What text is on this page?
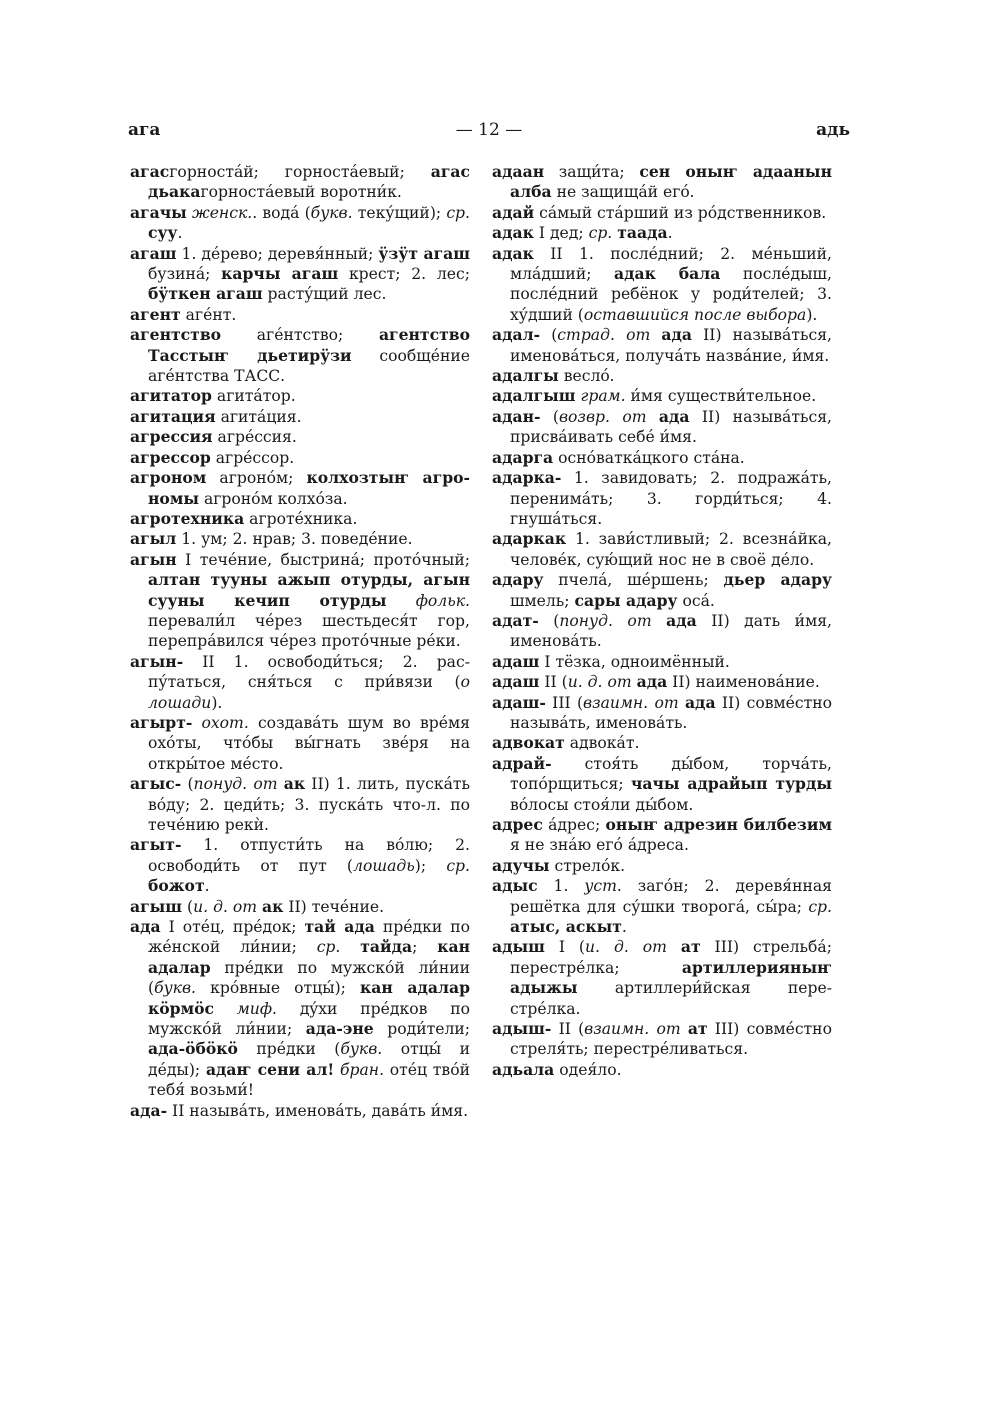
ага	— 12 —	адь

агасгорностáй; горностáевый; агас дьакагорностáевый воротни́к.

агачы женск.. водá (букв. теку́щий); ср. суу.

агаш 1. дéрево; деревя́нный; ӱзӱт агаш бузинá; карчы агаш крест; 2. лес; бӱткен агаш расту́щий лес.

агент агéнт.

агентство агéнтство; агентство Тасстыҥ дьетирӱзи сообщéние агéнтства ТАСС.

агитатор агитáтор.

агитация агитáция.

агрессия агрéссия.

агрессор агрéссор.

агроном агронóм; колхозтыҥ агрономы агронóм колхóза.

агротехника агротéхника.

агыл 1. ум; 2. нрав; 3. поведéние.

агын I течéние, быстринá; протóчный; алтан тууны ажып отурды, агын сууны кечип отурды фольк. перевали́л чéрез шестьдеся́т гор, перепрáвился чéрез протóчные рéки.

агын- II 1. освободи́ться; 2. распу́таться, сня́ться с при́вязи (о лошади).

агырт- охот. создавáть шум во врéмя охóты, чтóбы вы́гнать звéря на откры́тое мéсто.

агыс- (понуд. от ак II) 1. лить, пускáть вóду; 2. цеди́ть; 3. пускáть что-л. по течéнию рекѝ.

агыт- 1. отпусти́ть на вóлю; 2. освободи́ть от пут (лошадь); ср. божот.

агыш (и. д. от ак II) течéние.

ада I отéц, прéдок; тай ада прéдки по жéнской ли́нии; ср. тайда; кан адалар прéдки по мужскóй ли́нии (букв. крóвные отцы́); кан адалар кӧрмӧс миф. дýхи прéдков по мужскóй ли́нии; ада-эне роди́тели; ада-ӧбӧкӧ прéдки (букв. отцы́ и дéды); адаҥ сени ал! бран. отéц твóй тебя́ возьми́!

ада- II называ́ть, именовáть, давáть и́мя.

адаан защи́та; сен оныҥ адаанын алба не защищáй егó.

адай сáмый стáрший из рóдственников.

адак I дед; ср. таада.

адак II 1. послéдний; 2. мéньший, млáдший; адак бала послéдыш, послéдний ребёнок у роди́телей; 3. ху́дший (оставшийся после выбора).

адал- (страд. от ада II) называ́ться, именовáться, получáть назвáние, и́мя.

адалгы веслó.

адалгыш грам. и́мя существи́тельное.

адан- (возвр. от ада II) называ́ться, присвáивать себé и́мя.

адарга оснóваткáцкого стáна.

адарка- 1. завидовать; 2. подражáть, перенимáть; 3. горди́ться; 4. гнушáться.

адаркак 1. зави́стливый; 2. всезнáйка, человéк, сую́щий нос не в своё дéло.

адару пчелá, шéршень; дьер адару шмель; сары адару осá.

адат- (понуд. от ада II) дать и́мя, именовáть.

адаш I тёзка, одноимённый.

адаш II (и. д. от ада II) наименовáние.

адаш- III (взаимн. от ада II) совмéстно называ́ть, именовáть.

адвокат адвокáт.

адрай- стоя́ть ды́бом, торчáть, топóрщиться; чачы адрайып турды вóлосы стоя́ли ды́бом.

адрес áдрес; оныҥ адрезин билбезим я не знáю егó áдреса.

адучы стрелóк.

адыс 1. уст. загóн; 2. деревя́нная решётка для су́шки творогá, сы́ра; ср. атыс, аскыт.

адыш I (и. д. от ат III) стрельбá; перестрéлка; артиллерияныҥ адыжы артиллери́йская перестрéлка.

адыш- II (взаимн. от ат III) совмéстно стреля́ть; перестрéливаться.

адьала одея́ло.
